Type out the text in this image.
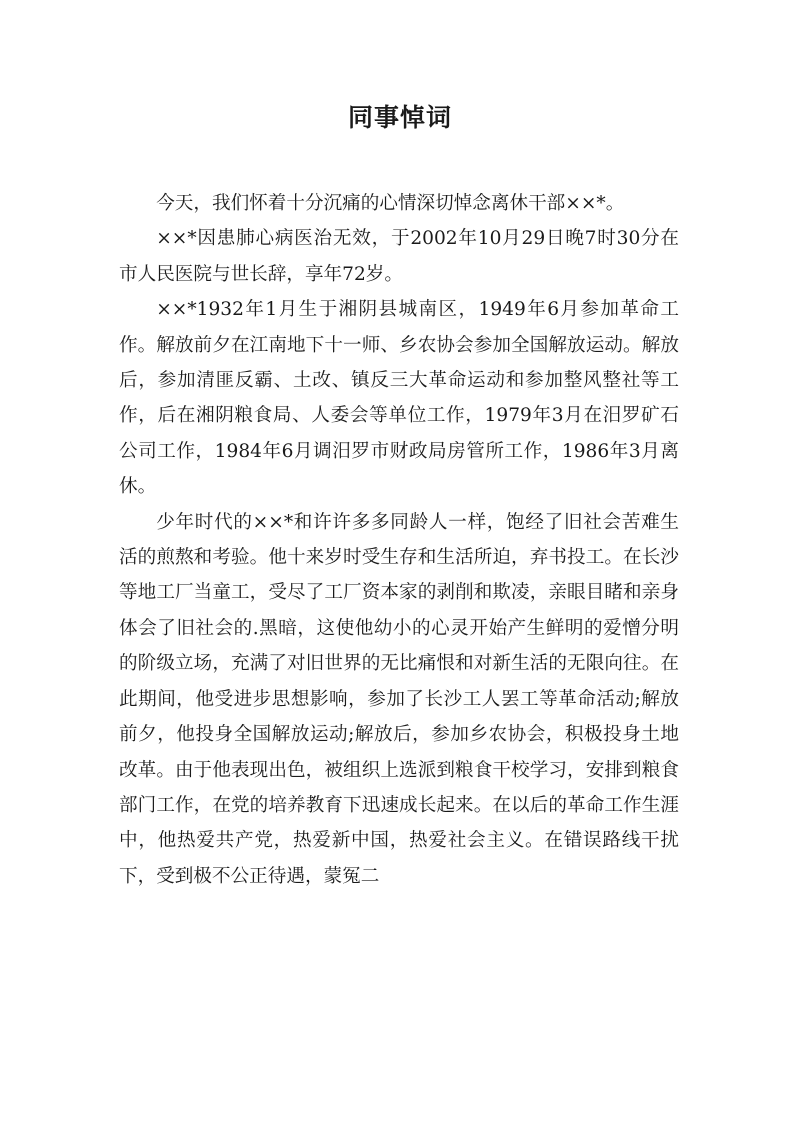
同事悼词

今天，我们怀着十分沉痛的心情深切悼念离休干部××*。

××*因患肺心病医治无效，于2002年10月29日晚7时30分在市人民医院与世长辞，享年72岁。

××*1932年1月生于湘阴县城南区，1949年6月参加革命工作。解放前夕在江南地下十一师、乡农协会参加全国解放运动。解放后，参加清匪反霸、土改、镇反三大革命运动和参加整风整社等工作，后在湘阴粮食局、人委会等单位工作，1979年3月在汨罗矿石公司工作，1984年6月调汨罗市财政局房管所工作，1986年3月离休。

少年时代的××*和许许多多同龄人一样，饱经了旧社会苦难生活的煎熬和考验。他十来岁时受生存和生活所迫，弃书投工。在长沙等地工厂当童工，受尽了工厂资本家的剥削和欺凌，亲眼目睹和亲身体会了旧社会的.黑暗，这使他幼小的心灵开始产生鲜明的爱憎分明的阶级立场，充满了对旧世界的无比痛恨和对新生活的无限向往。在此期间，他受进步思想影响，参加了长沙工人罢工等革命活动;解放前夕，他投身全国解放运动;解放后，参加乡农协会，积极投身土地改革。由于他表现出色，被组织上选派到粮食干校学习，安排到粮食部门工作，在党的培养教育下迅速成长起来。在以后的革命工作生涯中，他热爱共产党，热爱新中国，热爱社会主义。在错误路线干扰下，受到极不公正待遇，蒙冤二
